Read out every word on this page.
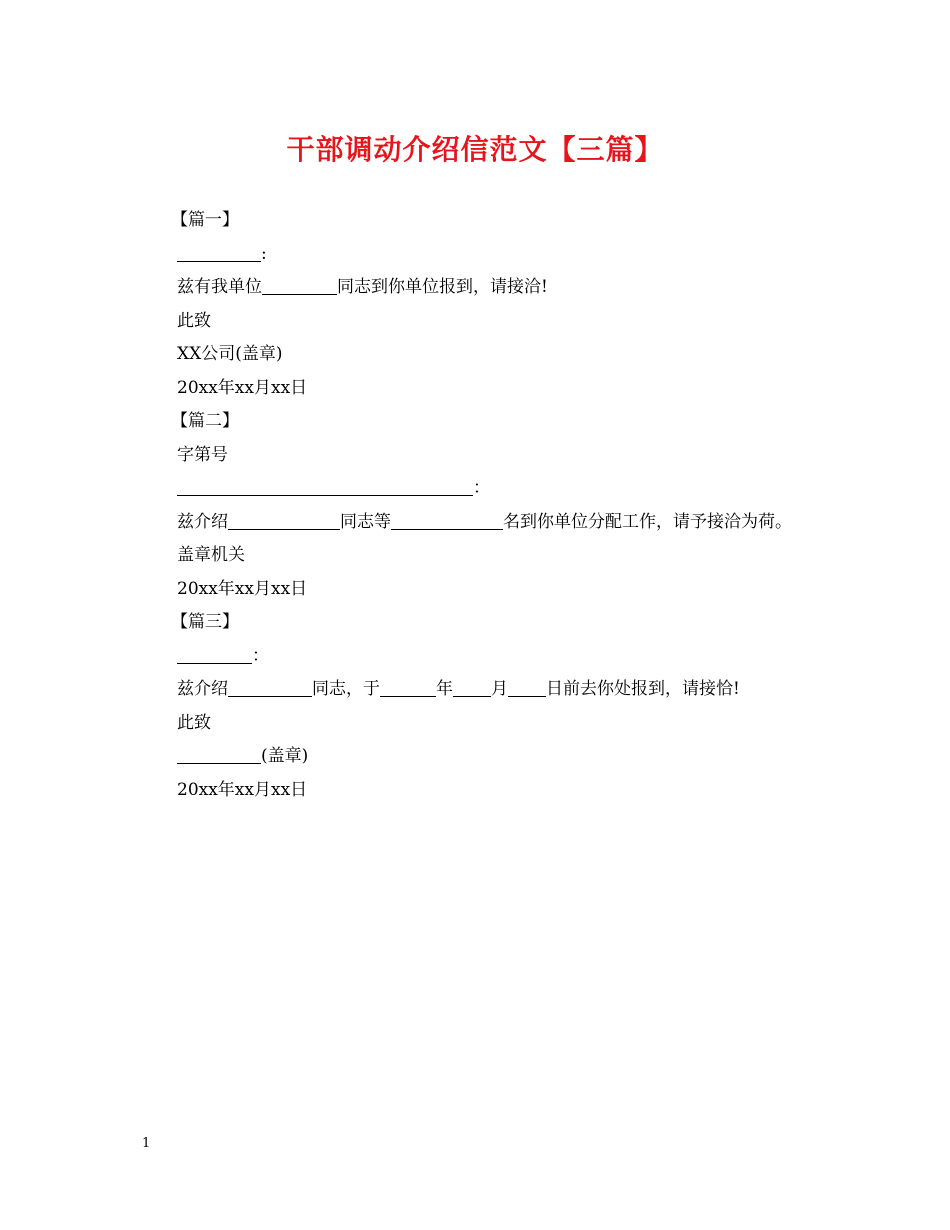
干部调动介绍信范文【三篇】
【篇一】
:
兹有我单位	同志到你单位报到，请接洽!
此致
XX公司(盖章)
20xx年xx月xx日
【篇二】
字第号
：
兹介绍	同志等	名到你单位分配工作，请予接洽为荷。
盖章机关
20xx年xx月xx日
【篇三】
：
兹介绍	同志，于	年 月 日前去你处报到，请接恰!
此致
(盖章)
20xx年xx月xx日
1
